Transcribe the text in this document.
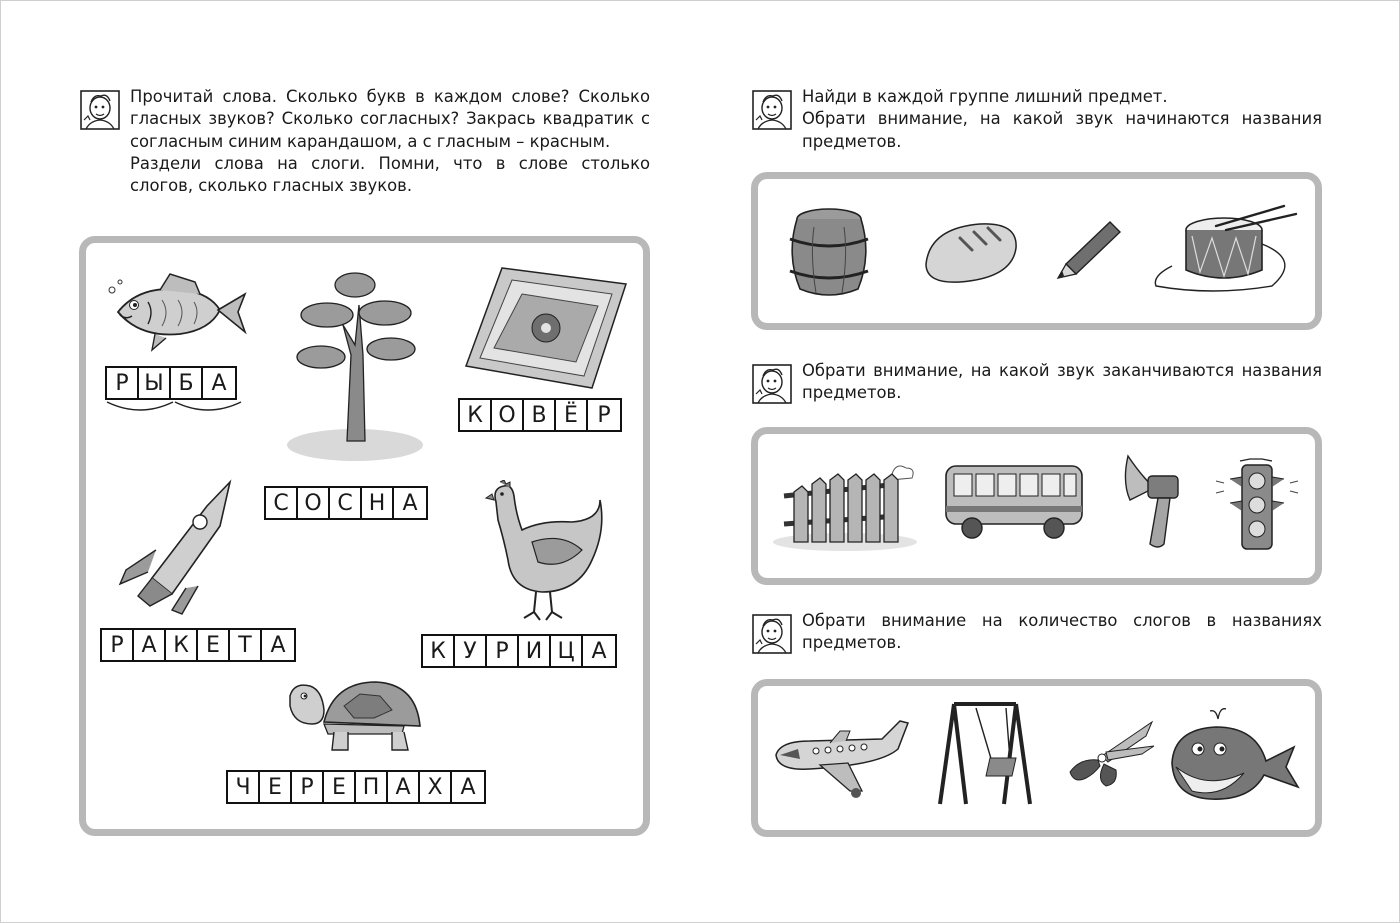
Прочитай слова. Сколько букв в каждом слове? Сколько гласных звуков? Сколько согласных? Закрась квадратик с согласным синим карандашом, а с гласным – красным.

Раздели слова на слоги. Помни, что в слове столько слогов, сколько гласных звуков.

Р Ы Б А
С О С Н А
К О В Ё Р
Р А К Е Т А	К У Р И Ц А
Ч Е Р Е П А Х А

Найди в каждой группе лишний предмет.

Обрати внимание, на какой звук начинаются названия предметов.

Обрати внимание, на какой звук заканчиваются названия предметов.

Обрати внимание на количество слогов в названиях предметов.
